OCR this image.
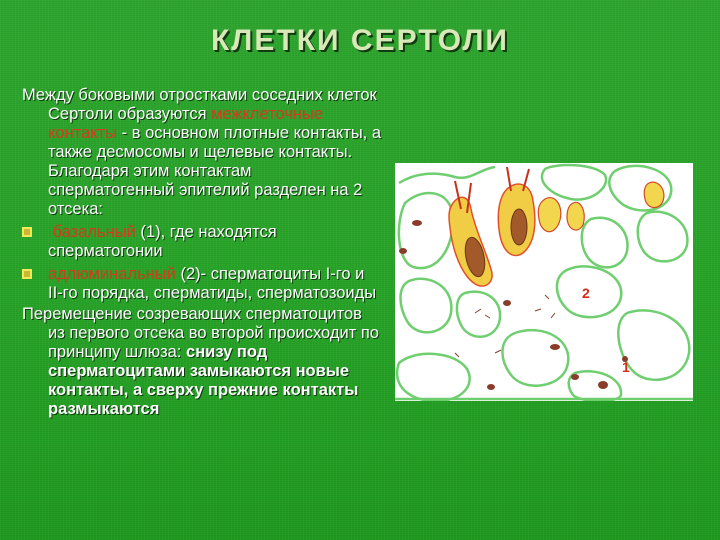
КЛЕТКИ СЕРТОЛИ

Между боковыми отростками соседних клеток Сертоли образуются межклеточные контакты - в основном плотные контакты, а также десмосомы и щелевые контакты. Благодаря этим контактам сперматогенный эпителий разделен на 2 отсека:

базальный (1), где находятся сперматогонии
адлюминальный (2)- сперматоциты I-го и II-го порядка, сперматиды, сперматозоиды

Перемещение созревающих сперматоцитов из первого отсека во второй происходит по принципу шлюза: снизу под сперматоцитами замыкаются новые контакты, а сверху прежние контакты размыкаются

2
1
